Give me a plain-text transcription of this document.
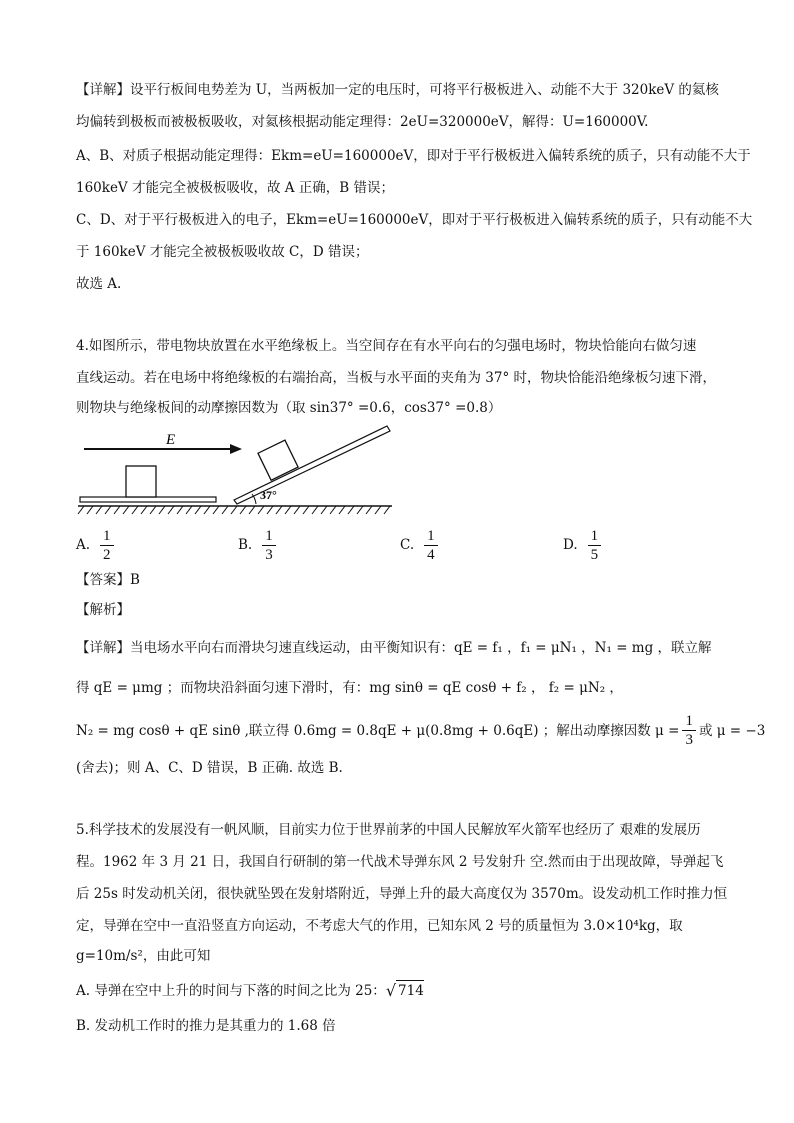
【详解】设平行板间电势差为 U，当两板加一定的电压时，可将平行极板进入、动能不大于 320keV 的氦核
均偏转到极板而被极板吸收，对氦核根据动能定理得：2eU=320000eV，解得：U=160000V.
A、B、对质子根据动能定理得：Ekm=eU=160000eV，即对于平行极板进入偏转系统的质子，只有动能不大于
160keV 才能完全被极板吸收，故 A 正确，B 错误；
C、D、对于平行极板进入的电子，Ekm=eU=160000eV，即对于平行极板进入偏转系统的质子，只有动能不大
于 160keV 才能完全被极板吸收故 C，D 错误；
故选 A.
4.如图所示，带电物块放置在水平绝缘板上。当空间存在有水平向右的匀强电场时，物块恰能向右做匀速
直线运动。若在电场中将绝缘板的右端抬高，当板与水平面的夹角为 37° 时，物块恰能沿绝缘板匀速下滑，
则物块与绝缘板间的动摩擦因数为（取 sin37° =0.6，cos37° =0.8）
E
37°
A. $\frac{1}{2}$	B. $\frac{1}{3}$	C. $\frac{1}{4}$	D. $\frac{1}{5}$
【答案】B
【解析】
【详解】当电场水平向右而滑块匀速直线运动，由平衡知识有：qE = f₁ ，f₁ = μN₁ ，N₁ = mg ，联立解
得 qE = μmg ；而物块沿斜面匀速下滑时，有：mg sinθ = qE cosθ + f₂ ， f₂ = μN₂ ，
N₂ = mg cosθ + qE sinθ ,联立得 0.6mg = 0.8qE + μ(0.8mg + 0.6qE) ；解出动摩擦因数 $\mu = \frac{1}{3}$ 或 μ = −3
(舍去)；则 A、C、D 错误，B 正确. 故选 B.
5.科学技术的发展没有一帆风顺，目前实力位于世界前茅的中国人民解放军火箭军也经历了 艰难的发展历
程。1962 年 3 月 21 日，我国自行研制的第一代战术导弹东风 2 号发射升 空.然而由于出现故障，导弹起飞
后 25s 时发动机关闭，很快就坠毁在发射塔附近，导弹上升的最大高度仅为 3570m。设发动机工作时推力恒
定，导弹在空中一直沿竖直方向运动，不考虑大气的作用，已知东风 2 号的质量恒为 3.0×10⁴kg，取
g=10m/s²，由此可知
A. 导弹在空中上升的时间与下落的时间之比为 25： √ 714
B. 发动机工作时的推力是其重力的 1.68 倍
